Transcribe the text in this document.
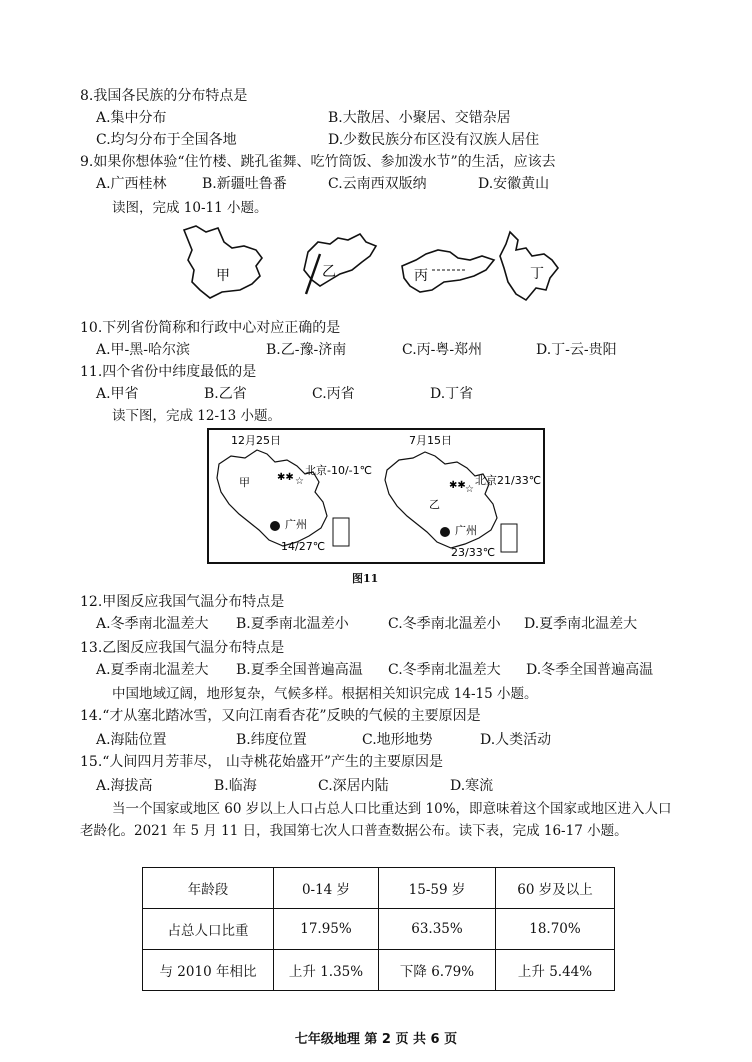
8.我国各民族的分布特点是
A.集中分布	B.大散居、小聚居、交错杂居
C.均匀分布于全国各地	D.少数民族分布区没有汉族人居住
9.如果你想体验“住竹楼、跳孔雀舞、吃竹筒饭、参加泼水节”的生活，应该去
A.广西桂林	B.新疆吐鲁番	C.云南西双版纳	D.安徽黄山
读图，完成 10-11 小题。
甲	乙	丙	丁
10.下列省份简称和行政中心对应正确的是
A.甲-黑-哈尔滨	B.乙-豫-济南	C.丙-粤-郑州	D.丁-云-贵阳
11.四个省份中纬度最低的是
A.甲省	B.乙省	C.丙省	D.丁省
读下图，完成 12-13 小题。
12月25日
甲	✱✱ ☆
北京 -10/-1℃
广州
14/27℃
7月15日
乙
✱✱ ☆
北京 21/33℃
广州
23/33℃
图11
12.甲图反应我国气温分布特点是
A.冬季南北温差大 B.夏季南北温差小	C.冬季南北温差小 D.夏季南北温差大
13.乙图反应我国气温分布特点是
A.夏季南北温差大 B.夏季全国普遍高温 C.冬季南北温差大 D.冬季全国普遍高温
中国地域辽阔，地形复杂，气候多样。根据相关知识完成 14-15 小题。
14.“才从塞北踏冰雪，又向江南看杏花”反映的气候的主要原因是
A.海陆位置	B.纬度位置	C.地形地势	D.人类活动
15.“人间四月芳菲尽， 山寺桃花始盛开”产生的主要原因是
A.海拔高	B.临海	C.深居内陆	D.寒流
当一个国家或地区 60 岁以上人口占总人口比重达到 10%，即意味着这个国家或地区进入人口老龄化。2021 年 5 月 11 日，我国第七次人口普查数据公布。读下表，完成 16-17 小题。
年龄段	0-14 岁	15-59 岁	60 岁及以上
占总人口比重	17.95%	63.35%	18.70%
与 2010 年相比	上升 1.35%	下降 6.79%	上升 5.44%
七年级地理 第 2 页 共 6 页
